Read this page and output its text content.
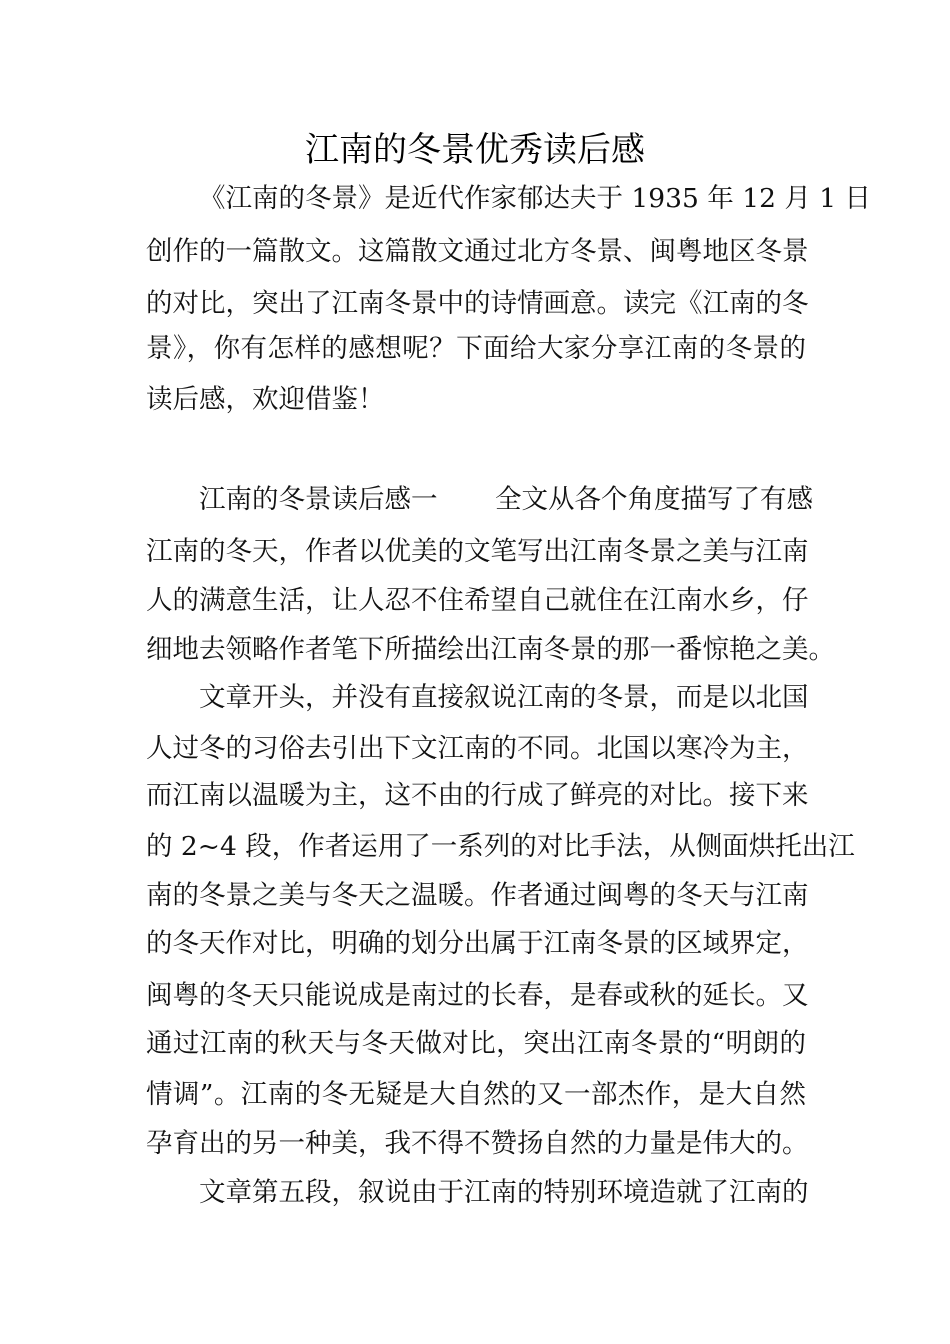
江南的冬景优秀读后感

《江南的冬景》是近代作家郁达夫于 1935 年 12 月 1 日

创作的一篇散文。这篇散文通过北方冬景、闽粤地区冬景

的对比，突出了江南冬景中的诗情画意。读完《江南的冬

景》，你有怎样的感想呢？下面给大家分享江南的冬景的

读后感，欢迎借鉴！

江南的冬景读后感一 全文从各个角度描写了有感

江南的冬天，作者以优美的文笔写出江南冬景之美与江南

人的满意生活，让人忍不住希望自己就住在江南水乡，仔

细地去领略作者笔下所描绘出江南冬景的那一番惊艳之美。

文章开头，并没有直接叙说江南的冬景，而是以北国

人过冬的习俗去引出下文江南的不同。北国以寒冷为主，

而江南以温暖为主，这不由的行成了鲜亮的对比。接下来

的 2~4 段，作者运用了一系列的对比手法，从侧面烘托出江

南的冬景之美与冬天之温暖。作者通过闽粤的冬天与江南

的冬天作对比，明确的划分出属于江南冬景的区域界定，

闽粤的冬天只能说成是南过的长春，是春或秋的延长。又

通过江南的秋天与冬天做对比，突出江南冬景的“明朗的

情调”。江南的冬无疑是大自然的又一部杰作，是大自然

孕育出的另一种美，我不得不赞扬自然的力量是伟大的。

文章第五段，叙说由于江南的特别环境造就了江南的
